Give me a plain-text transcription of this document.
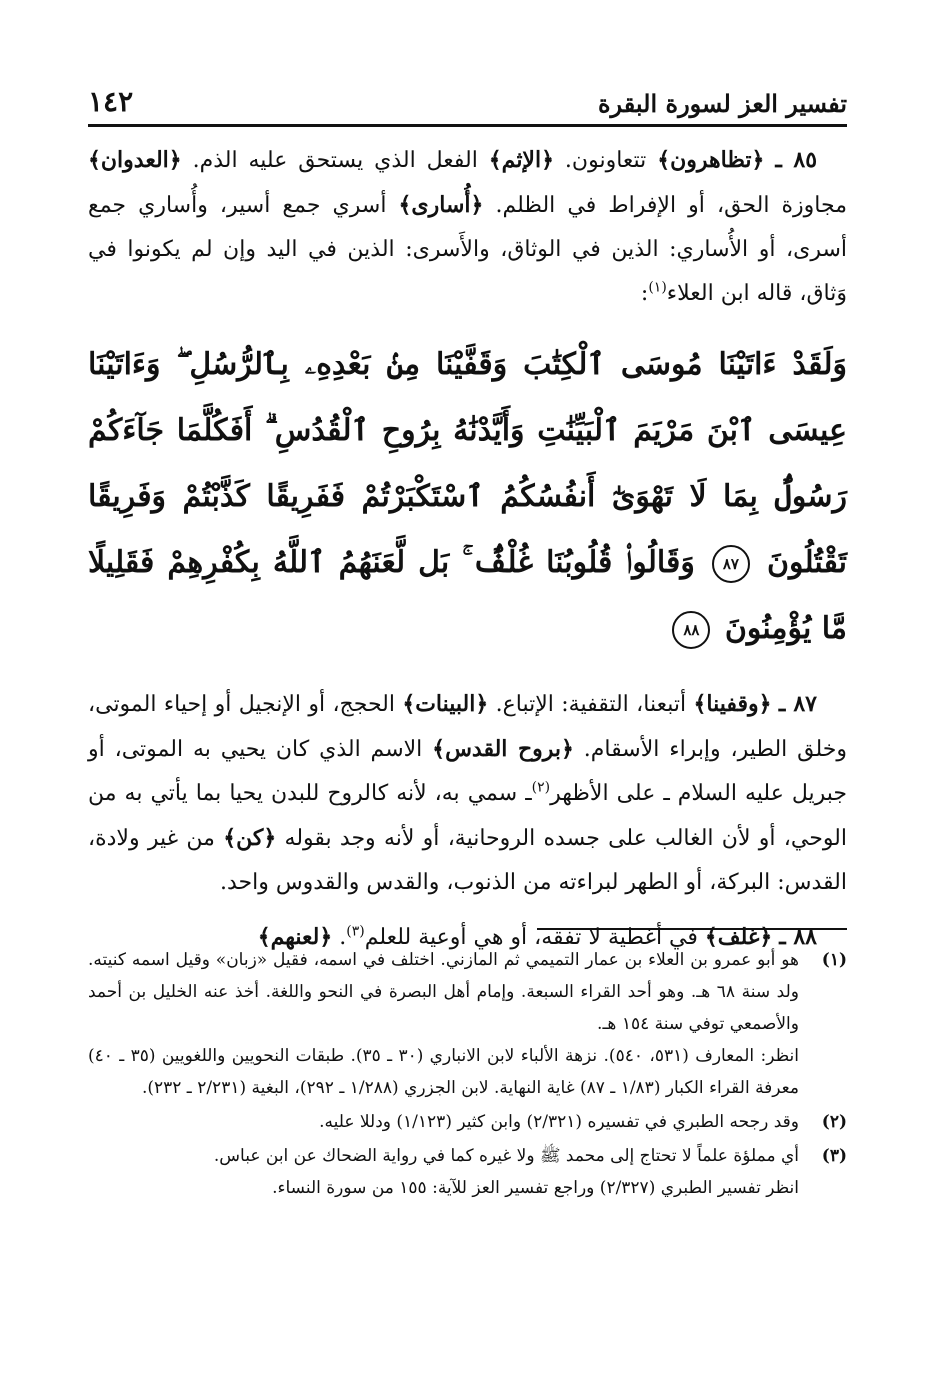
تفسير العز لسورة البقرة
١٤٢

٨٥ ـ ﴿تظاهرون﴾ تتعاونون. ﴿الإثم﴾ الفعل الذي يستحق عليه الذم. ﴿العدوان﴾ مجاوزة الحق، أو الإفراط في الظلم. ﴿أُسارى﴾ أسري جمع أسير، وأُساري جمع أسرى، أو الأُساري: الذين في الوثاق، والأَسرى: الذين في اليد وإن لم يكونوا في وَثاق، قاله ابن العلاء$^{(١)}$:

وَلَقَدْ ءَاتَيْنَا مُوسَى ٱلْكِتَٰبَ وَقَفَّيْنَا مِنۢ بَعْدِهِۦ بِٱلرُّسُلِ ۖ وَءَاتَيْنَا عِيسَى ٱبْنَ مَرْيَمَ ٱلْبَيِّنَٰتِ وَأَيَّدْنَٰهُ بِرُوحِ ٱلْقُدُسِ ۗ أَفَكُلَّمَا جَآءَكُمْ رَسُولٌۢ بِمَا لَا تَهْوَىٰٓ أَنفُسُكُمُ ٱسْتَكْبَرْتُمْ فَفَرِيقًا كَذَّبْتُمْ وَفَرِيقًا تَقْتُلُونَ ٨٧ وَقَالُوا۟ قُلُوبُنَا غُلْفٌۢ ۚ بَل لَّعَنَهُمُ ٱللَّهُ بِكُفْرِهِمْ فَقَلِيلًا مَّا يُؤْمِنُونَ ٨٨

٨٧ ـ ﴿وقفينا﴾ أتبعنا، التقفية: الإتباع. ﴿البينات﴾ الحجج، أو الإنجيل أو إحياء الموتى، وخلق الطير، وإبراء الأسقام. ﴿بروح القدس﴾ الاسم الذي كان يحيي به الموتى، أو جبريل عليه السلام ـ على الأظهر$^{(٢)}$ـ سمي به، لأنه كالروح للبدن يحيا بما يأتي به من الوحي، أو لأن الغالب على جسده الروحانية، أو لأنه وجد بقوله ﴿كن﴾ من غير ولادة، القدس: البركة، أو الطهر لبراءته من الذنوب، والقدس والقدوس واحد.

٨٨ ـ ﴿غلف﴾ في أغطية لا تفقه، أو هي أوعية للعلم$^{(٣)}$. ﴿لعنهم﴾

(١)

هو أبو عمرو بن العلاء بن عمار التميمي ثم المازني. اختلف في اسمه، فقيل «زبان» وقيل اسمه كنيته. ولد سنة ٦٨ هـ. وهو أحد القراء السبعة. وإمام أهل البصرة في النحو واللغة. أخذ عنه الخليل بن أحمد والأصمعي توفي سنة ١٥٤ هـ.

انظر: المعارف (٥٣١، ٥٤٠). نزهة الألباء لابن الانباري (٣٠ ـ ٣٥). طبقات النحويين واللغويين (٣٥ ـ ٤٠) معرفة القراء الكبار (١/٨٣ ـ ٨٧) غاية النهاية. لابن الجزري (١/٢٨٨ ـ ٢٩٢)، البغية (٢/٢٣١ ـ ٢٣٢).

(٢)

وقد رجحه الطبري في تفسيره (٢/٣٢١) وابن كثير (١/١٢٣) ودللا عليه.

(٣)

أي مملؤة علماً لا تحتاج إلى محمد ﷺ ولا غيره كما في رواية الضحاك عن ابن عباس.

انظر تفسير الطبري (٢/٣٢٧) وراجع تفسير العز للآية: ١٥٥ من سورة النساء.
